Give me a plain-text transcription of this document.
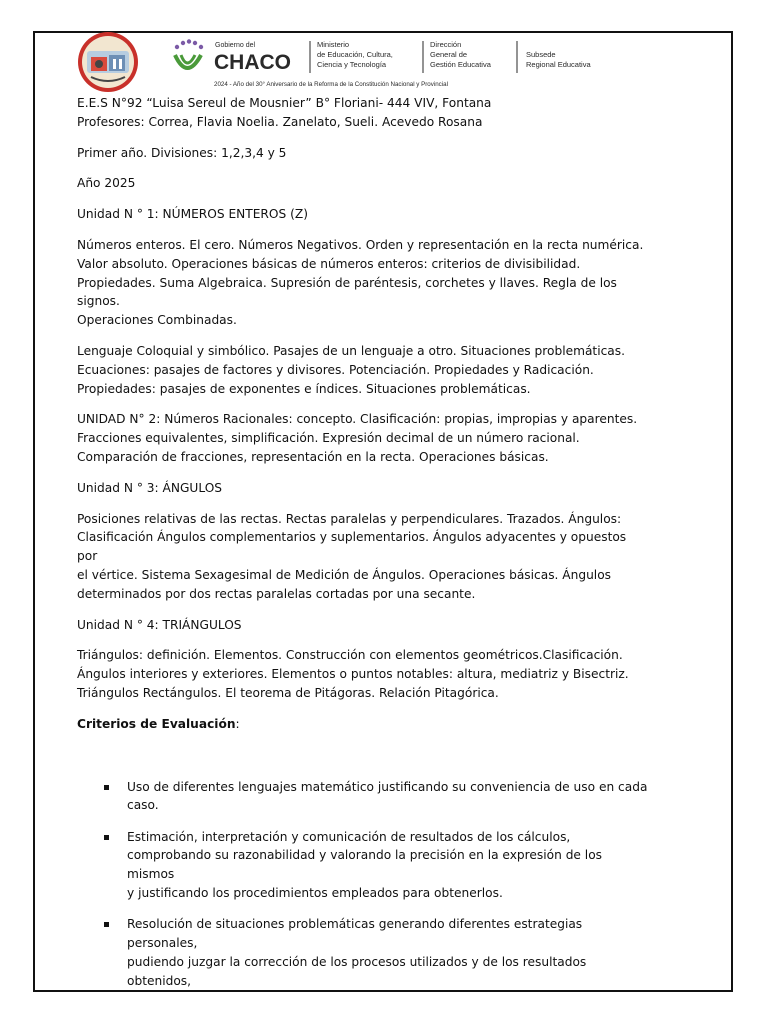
Gobierno del
CHACO
Ministerio
de Educación, Cultura,
Ciencia y Tecnología
Dirección
General de
Gestión Educativa
Subsede
Regional Educativa
2024 - Año del 30° Aniversario de la Reforma de la Constitución Nacional y Provincial

E.E.S N°92 “Luisa Sereul de Mousnier” B° Floriani- 444 VIV, Fontana

Profesores: Correa, Flavia Noelia. Zanelato, Sueli. Acevedo Rosana

Primer año. Divisiones: 1,2,3,4 y 5

Año 2025

Unidad N ° 1: NÚMEROS ENTEROS (Z)

Números enteros. El cero. Números Negativos. Orden y representación en la recta numérica.

Valor absoluto. Operaciones básicas de números enteros: criterios de divisibilidad.

Propiedades. Suma Algebraica. Supresión de paréntesis, corchetes y llaves. Regla de los signos.

Operaciones Combinadas.

Lenguaje Coloquial y simbólico. Pasajes de un lenguaje a otro. Situaciones problemáticas.

Ecuaciones: pasajes de factores y divisores. Potenciación. Propiedades y Radicación.

Propiedades: pasajes de exponentes e índices. Situaciones problemáticas.

UNIDAD N° 2: Números Racionales: concepto. Clasificación: propias, impropias y aparentes.

Fracciones equivalentes, simplificación. Expresión decimal de un número racional.

Comparación de fracciones, representación en la recta. Operaciones básicas.

Unidad N ° 3: ÁNGULOS

Posiciones relativas de las rectas. Rectas paralelas y perpendiculares. Trazados. Ángulos:

Clasificación Ángulos complementarios y suplementarios. Ángulos adyacentes y opuestos por

el vértice. Sistema Sexagesimal de Medición de Ángulos. Operaciones básicas. Ángulos

determinados por dos rectas paralelas cortadas por una secante.

Unidad N ° 4: TRIÁNGULOS

Triángulos: definición. Elementos. Construcción con elementos geométricos.Clasificación.

Ángulos interiores y exteriores. Elementos o puntos notables: altura, mediatriz y Bisectriz.

Triángulos Rectángulos. El teorema de Pitágoras. Relación Pitagórica.

Criterios de Evaluación:

Uso de diferentes lenguajes matemático justificando su conveniencia de uso en cada
caso.
Estimación, interpretación y comunicación de resultados de los cálculos,
comprobando su razonabilidad y valorando la precisión en la expresión de los mismos
y justificando los procedimientos empleados para obtenerlos.
Resolución de situaciones problemáticas generando diferentes estrategias personales,
pudiendo juzgar la corrección de los procesos utilizados y de los resultados obtenidos,
